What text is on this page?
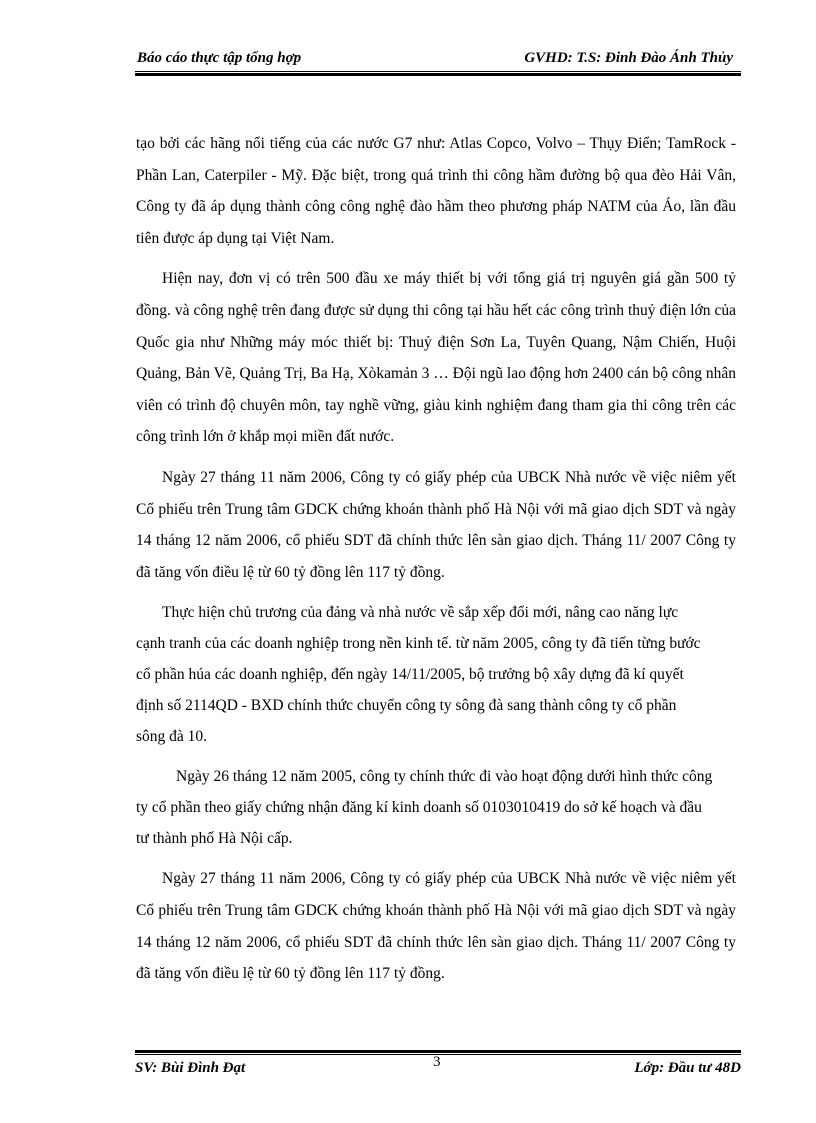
Báo cáo thực tập tổng hợp	GVHD: T.S: Đinh Đào Ánh Thủy

tạo bởi các hãng nổi tiếng của các nước G7 như: Atlas Copco, Volvo – Thụy Điển; TamRock - Phần Lan, Caterpiler - Mỹ. Đặc biệt, trong quá trình thi công hầm đường bộ qua đèo Hải Vân, Công ty đã áp dụng thành công công nghệ đào hầm theo phương pháp NATM của Áo, lần đầu tiên được áp dụng tại Việt Nam.

Hiện nay, đơn vị có trên 500 đầu xe máy thiết bị với tổng giá trị nguyên giá gần 500 tỷ đồng. và công nghệ trên đang được sử dụng thi công tại hầu hết các công trình thuỷ điện lớn của Quốc gia như Những máy móc thiết bị: Thuỷ điện Sơn La, Tuyên Quang, Nậm Chiến, Huội Quảng, Bản Vẽ, Quảng Trị, Ba Hạ, Xòkamản 3 … Đội ngũ lao động hơn 2400 cán bộ công nhân viên có trình độ chuyên môn, tay nghề vững, giàu kinh nghiệm đang tham gia thi công trên các công trình lớn ở khắp mọi miền đất nước.

Ngày 27 tháng 11 năm 2006, Công ty có giấy phép của UBCK Nhà nước về việc niêm yết Cổ phiếu trên Trung tâm GDCK chứng khoán thành phố Hà Nội với mã giao dịch SDT và ngày 14 tháng 12 năm 2006, cổ phiếu SDT đã chính thức lên sàn giao dịch. Tháng 11/ 2007 Công ty đã tăng vốn điều lệ từ 60 tỷ đồng lên 117 tỷ đồng.

Thực hiện chủ trương của đảng và nhà nước về sắp xếp đổi mới, nâng cao năng lực cạnh tranh của các doanh nghiệp trong nền kinh tế. từ năm 2005, công ty đã tiến từng bước cổ phần húa các doanh nghiệp, đến ngày 14/11/2005, bộ trưởng bộ xây dựng đã kí quyết định số 2114QD - BXD chính thức chuyển công ty sông đà sang thành công ty cổ phần sông đà 10.

Ngày 26 tháng 12 năm 2005, công ty chính thức đi vào hoạt động dưới hình thức công ty cổ phần theo giấy chứng nhận đăng kí kinh doanh số 0103010419 do sở kế hoạch và đầu tư thành phố Hà Nội cấp.

Ngày 27 tháng 11 năm 2006, Công ty có giấy phép của UBCK Nhà nước về việc niêm yết Cổ phiếu trên Trung tâm GDCK chứng khoán thành phố Hà Nội với mã giao dịch SDT và ngày 14 tháng 12 năm 2006, cổ phiếu SDT đã chính thức lên sàn giao dịch. Tháng 11/ 2007 Công ty đã tăng vốn điều lệ từ 60 tỷ đồng lên 117 tỷ đồng.

SV: Bùi Đình Đạt	3	Lớp: Đầu tư 48D
